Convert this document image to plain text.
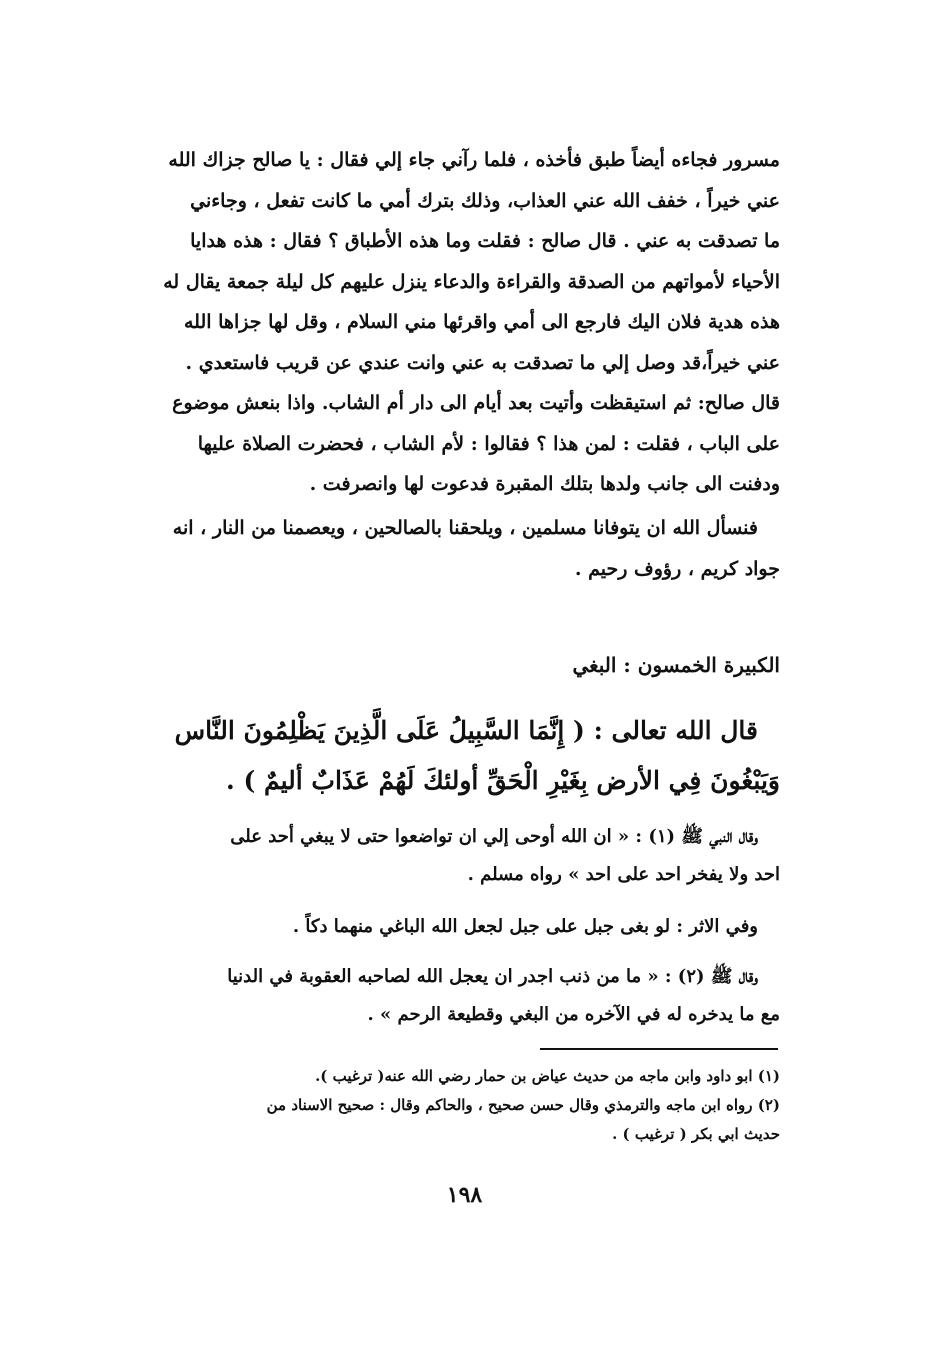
مسرور فجاءه أيضاً طبق فأخذه ، فلما رآني جاء إلي فقال : يا صالح جزاك الله
عني خيراً ، خفف الله عني العذاب، وذلك بترك أمي ما كانت تفعل ، وجاءني
ما تصدقت به عني . قال صالح : فقلت وما هذه الأطباق ؟ فقال : هذه هدايا
الأحياء لأمواتهم من الصدقة والقراءة والدعاء ينزل عليهم كل ليلة جمعة يقال له
هذه هدية فلان اليك فارجع الى أمي واقرئها مني السلام ، وقل لها جزاها الله
عني خيراً،قد وصل إلي ما تصدقت به عني وانت عندي عن قريب فاستعدي .
قال صالح: ثم استيقظت وأتيت بعد أيام الى دار أم الشاب. واذا بنعش موضوع
على الباب ، فقلت : لمن هذا ؟ فقالوا : لأم الشاب ، فحضرت الصلاة عليها
ودفنت الى جانب ولدها بتلك المقبرة فدعوت لها وانصرفت .
فنسأل الله ان يتوفانا مسلمين ، ويلحقنا بالصالحين ، ويعصمنا من النار ، انه
جواد كريم ، رؤوف رحيم .
الكبيرة الخمسون : البغي
قال الله تعالى : ( إِنَّمَا السَّبِيلُ عَلَى الَّذِينَ يَظْلِمُونَ النَّاس
وَيَبْغُونَ فِي الأرض بِغَيْرِ الْحَقِّ أولئكَ لَهُمْ عَذَابٌ أليمٌ ) .
وقال النبي ﷺ (١) : « ان الله أوحى إلي ان تواضعوا حتى لا يبغي أحد على
احد ولا يفخر احد على احد » رواه مسلم .
وفي الاثر : لو بغى جبل على جبل لجعل الله الباغي منهما دكاً .
وقال ﷺ (٢) : « ما من ذنب اجدر ان يعجل الله لصاحبه العقوبة في الدنيا
مع ما يدخره له في الآخره من البغي وقطيعة الرحم » .
(١) ابو داود وابن ماجه من حديث عياض بن حمار رضي الله عنه( ترغيب ).
(٢) رواه ابن ماجه والترمذي وقال حسن صحيح ، والحاكم وقال : صحيح الاسناد من
حديث ابي بكر ( ترغيب ) .
١٩٨
